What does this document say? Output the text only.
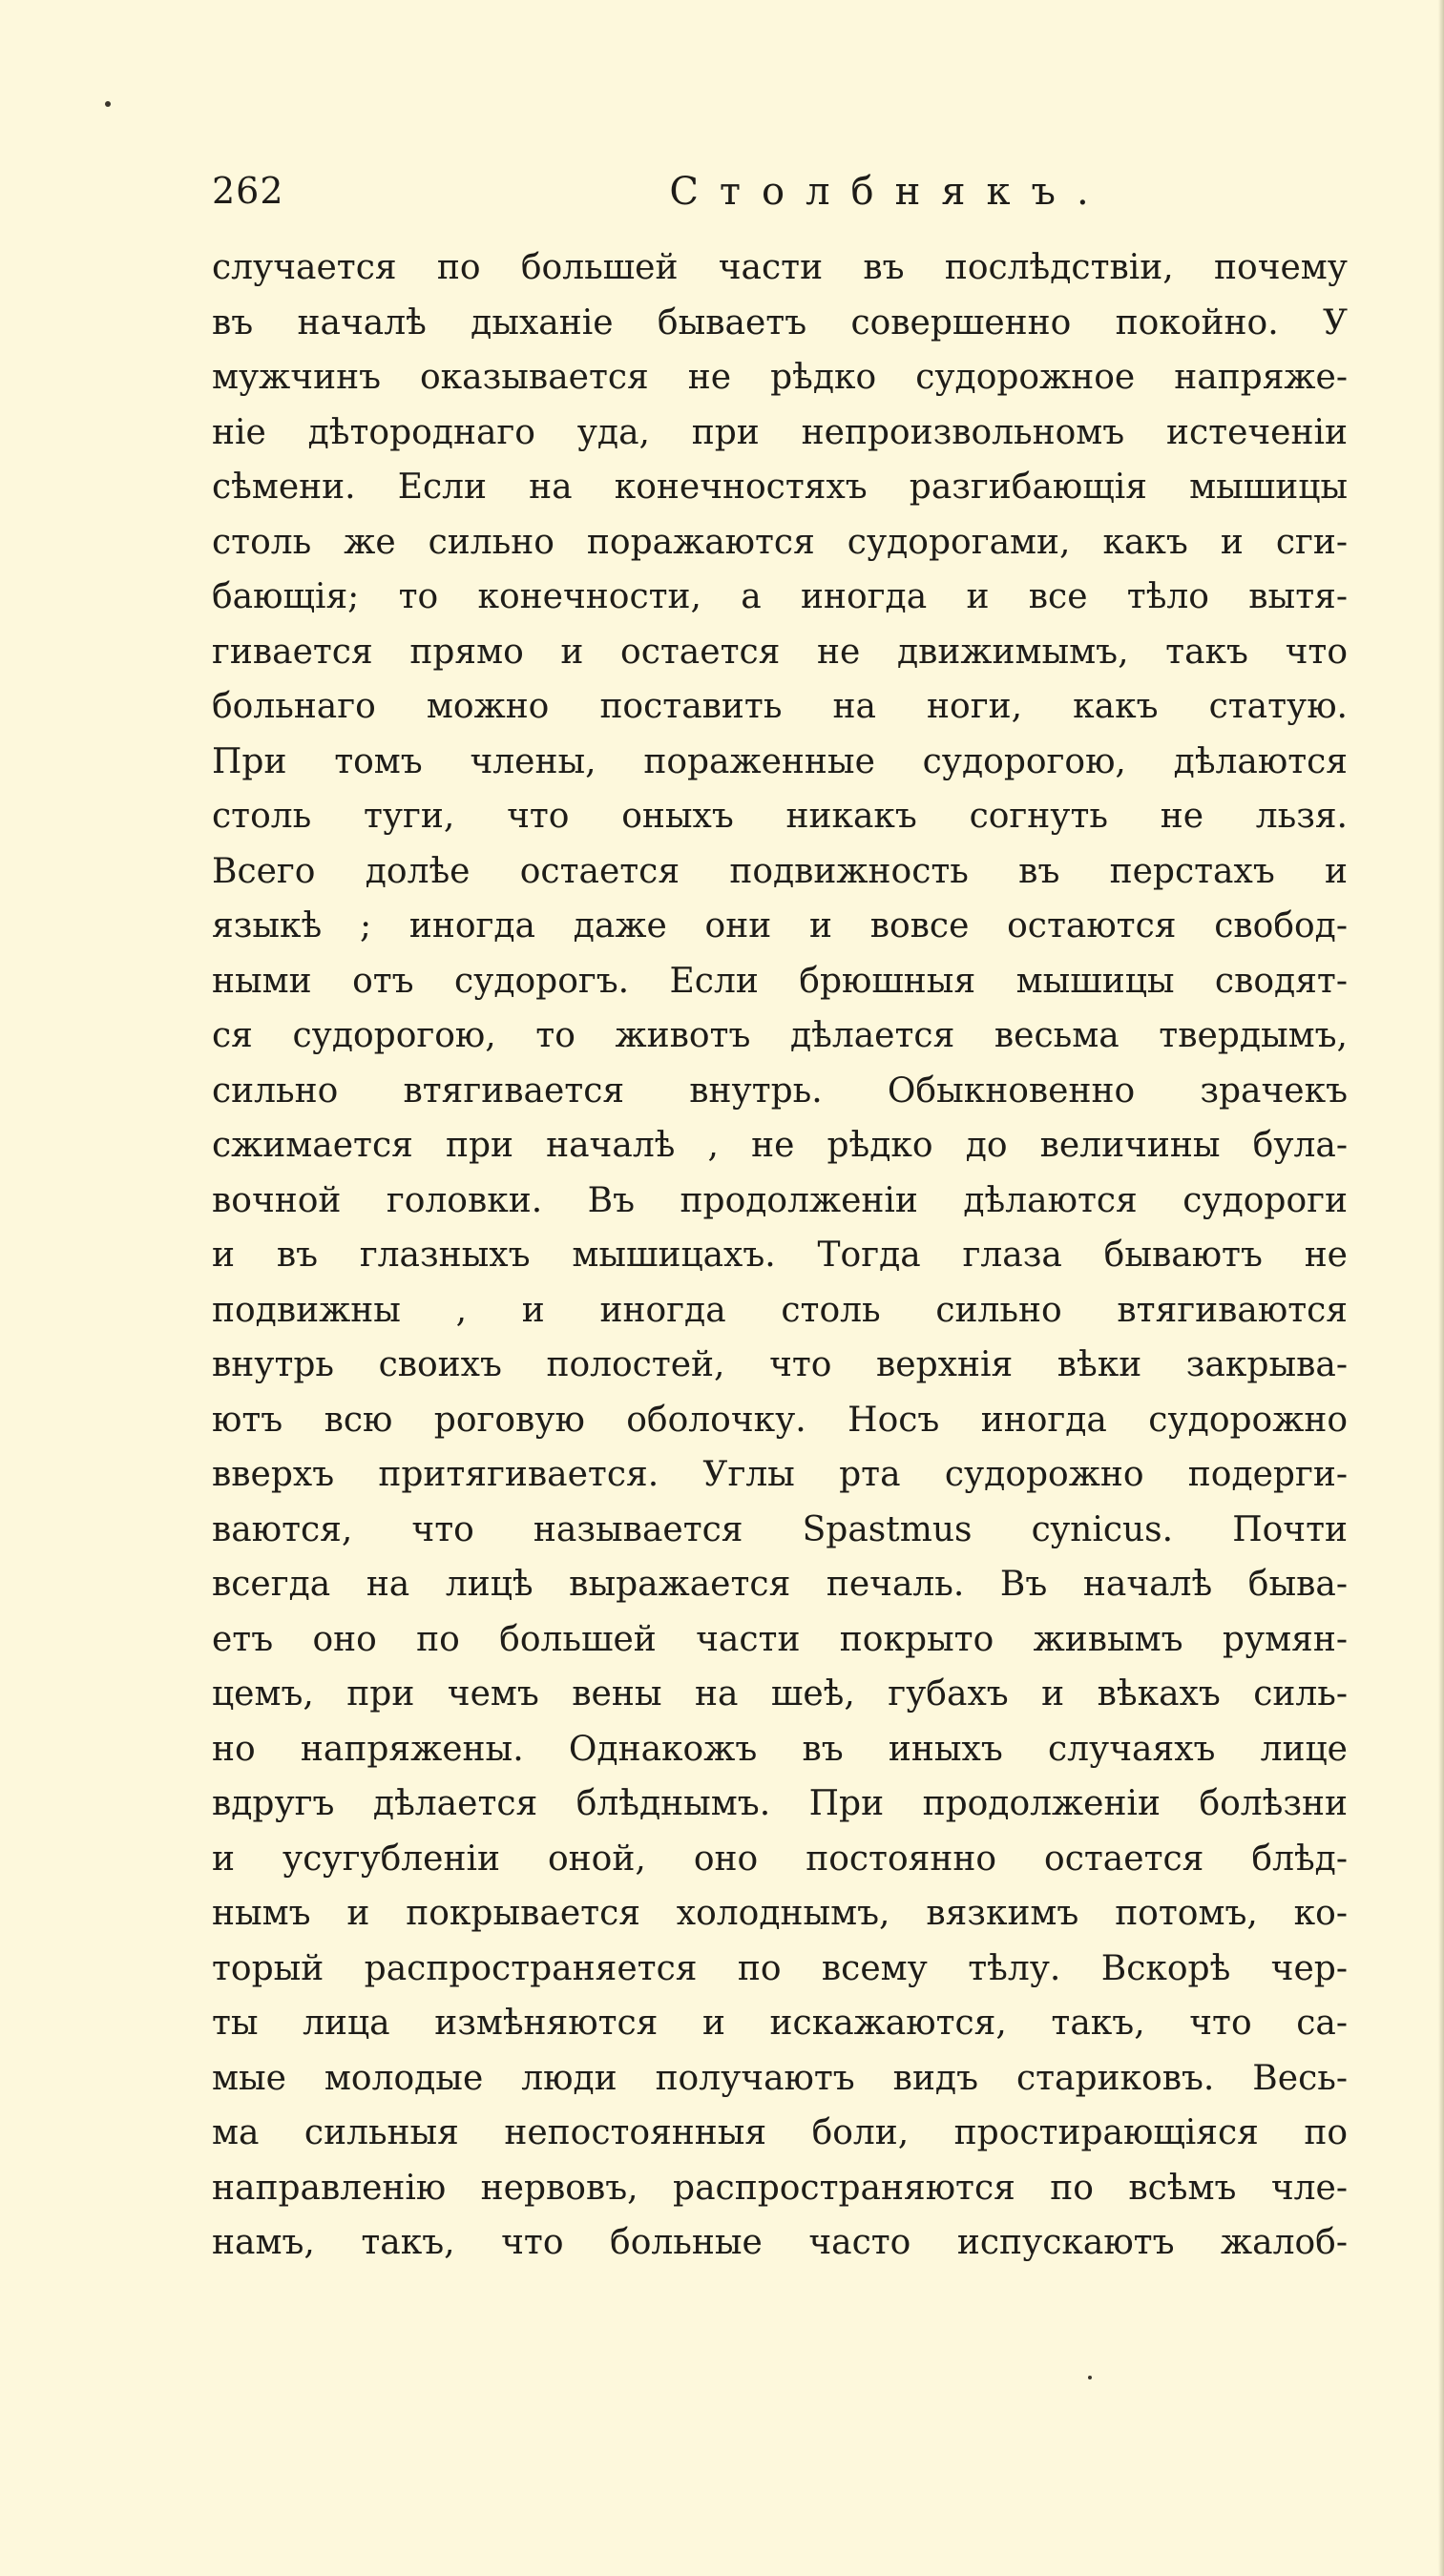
262	Столбнякъ.
случается по большей части въ послѣдствіи, почему
въ началѣ дыханіе бываетъ совершенно покойно. У
мужчинъ оказывается не рѣдко судорожное напряже-
ніе дѣтороднаго уда, при непроизвольномъ истеченіи
сѣмени. Если на конечностяхъ разгибающія мышицы
столь же сильно поражаются судорогами, какъ и сги-
бающія; то конечности, а иногда и все тѣло вытя-
гивается прямо и остается не движимымъ, такъ что
больнаго можно поставить на ноги, какъ статую.
При томъ члены, пораженные судорогою, дѣлаются
столь туги, что оныхъ никакъ согнуть не льзя.
Всего долѣе остается подвижность въ перстахъ и
языкѣ ; иногда даже они и вовсе остаются свобод-
ными отъ судорогъ. Если брюшныя мышицы сводят-
ся судорогою, то животъ дѣлается весьма твердымъ,
сильно втягивается внутрь. Обыкновенно зрачекъ
сжимается при началѣ , не рѣдко до величины була-
вочной головки. Въ продолженіи дѣлаются судороги
и въ глазныхъ мышицахъ. Тогда глаза бываютъ не
подвижны , и иногда столь сильно втягиваются
внутрь своихъ полостей, что верхнія вѣки закрыва-
ютъ всю роговую оболочку. Носъ иногда судорожно
вверхъ притягивается. Углы рта судорожно подерги-
ваются, что называется Spastmus cynicus. Почти
всегда на лицѣ выражается печаль. Въ началѣ быва-
етъ оно по большей части покрыто живымъ румян-
цемъ, при чемъ вены на шеѣ, губахъ и вѣкахъ силь-
но напряжены. Однакожъ въ иныхъ случаяхъ лице
вдругъ дѣлается блѣднымъ. При продолженіи болѣзни
и усугубленіи оной, оно постоянно остается блѣд-
нымъ и покрывается холоднымъ, вязкимъ потомъ, ко-
торый распространяется по всему тѣлу. Вскорѣ чер-
ты лица измѣняются и искажаются, такъ, что са-
мые молодые люди получаютъ видъ стариковъ. Весь-
ма сильныя непостоянныя боли, простирающіяся по
направленію нервовъ, распространяются по всѣмъ чле-
намъ, такъ, что больные часто испускаютъ жалоб-
